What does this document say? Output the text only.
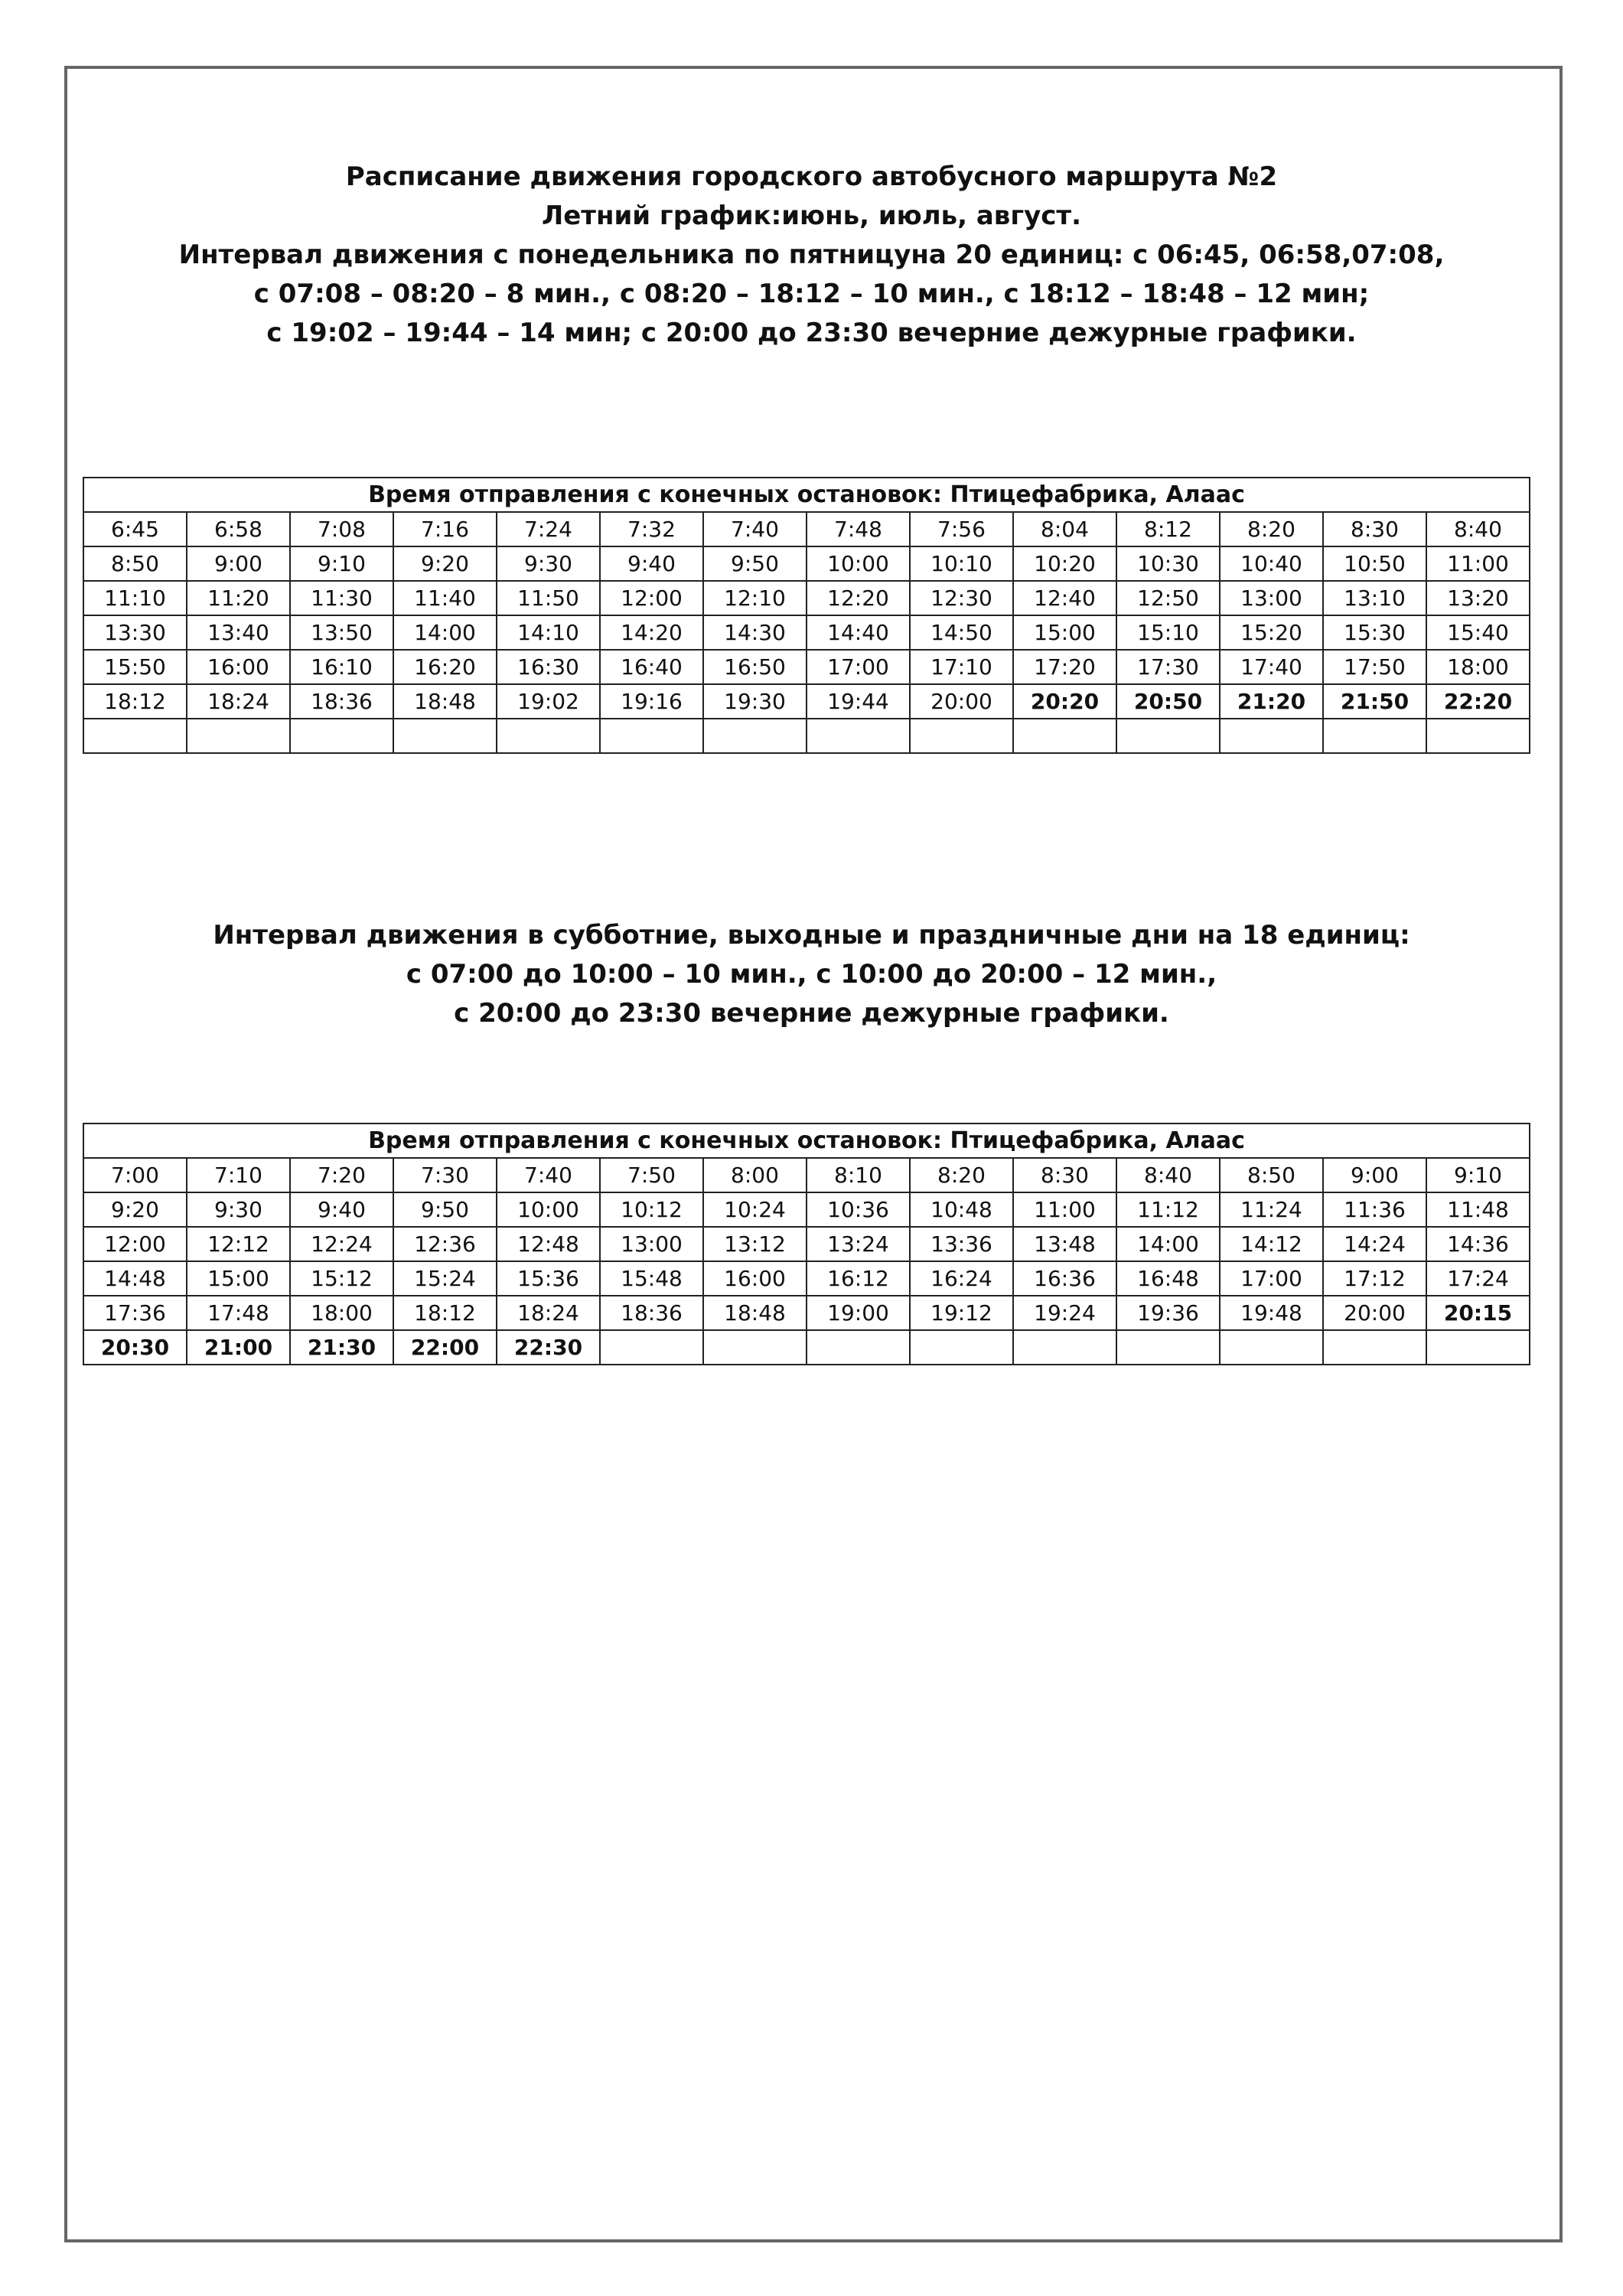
Расписание движения городского автобусного маршрута №2
Летний график:июнь, июль, август.
Интервал движения с понедельника по пятницуна 20 единиц: с 06:45, 06:58,07:08,
с 07:08 – 08:20 – 8 мин., с 08:20 – 18:12 – 10 мин., с 18:12 – 18:48 – 12 мин;
с 19:02 – 19:44 – 14 мин; с 20:00 до 23:30 вечерние дежурные графики.
Время отправления с конечных остановок: Птицефабрика, Алаас													
6:45	6:58	7:08	7:16	7:24	7:32	7:40	7:48	7:56	8:04	8:12	8:20	8:30	8:40
8:50	9:00	9:10	9:20	9:30	9:40	9:50	10:00	10:10	10:20	10:30	10:40	10:50	11:00
11:10	11:20	11:30	11:40	11:50	12:00	12:10	12:20	12:30	12:40	12:50	13:00	13:10	13:20
13:30	13:40	13:50	14:00	14:10	14:20	14:30	14:40	14:50	15:00	15:10	15:20	15:30	15:40
15:50	16:00	16:10	16:20	16:30	16:40	16:50	17:00	17:10	17:20	17:30	17:40	17:50	18:00
18:12	18:24	18:36	18:48	19:02	19:16	19:30	19:44	20:00	20:20	20:50	21:20	21:50	22:20

Интервал движения в субботние, выходные и праздничные дни на 18 единиц:
с 07:00 до 10:00 – 10 мин., с 10:00 до 20:00 – 12 мин.,
с 20:00 до 23:30 вечерние дежурные графики.
Время отправления с конечных остановок: Птицефабрика, Алаас													
7:00	7:10	7:20	7:30	7:40	7:50	8:00	8:10	8:20	8:30	8:40	8:50	9:00	9:10
9:20	9:30	9:40	9:50	10:00	10:12	10:24	10:36	10:48	11:00	11:12	11:24	11:36	11:48
12:00	12:12	12:24	12:36	12:48	13:00	13:12	13:24	13:36	13:48	14:00	14:12	14:24	14:36
14:48	15:00	15:12	15:24	15:36	15:48	16:00	16:12	16:24	16:36	16:48	17:00	17:12	17:24
17:36	17:48	18:00	18:12	18:24	18:36	18:48	19:00	19:12	19:24	19:36	19:48	20:00	20:15
20:30	21:00	21:30	22:00	22:30									
